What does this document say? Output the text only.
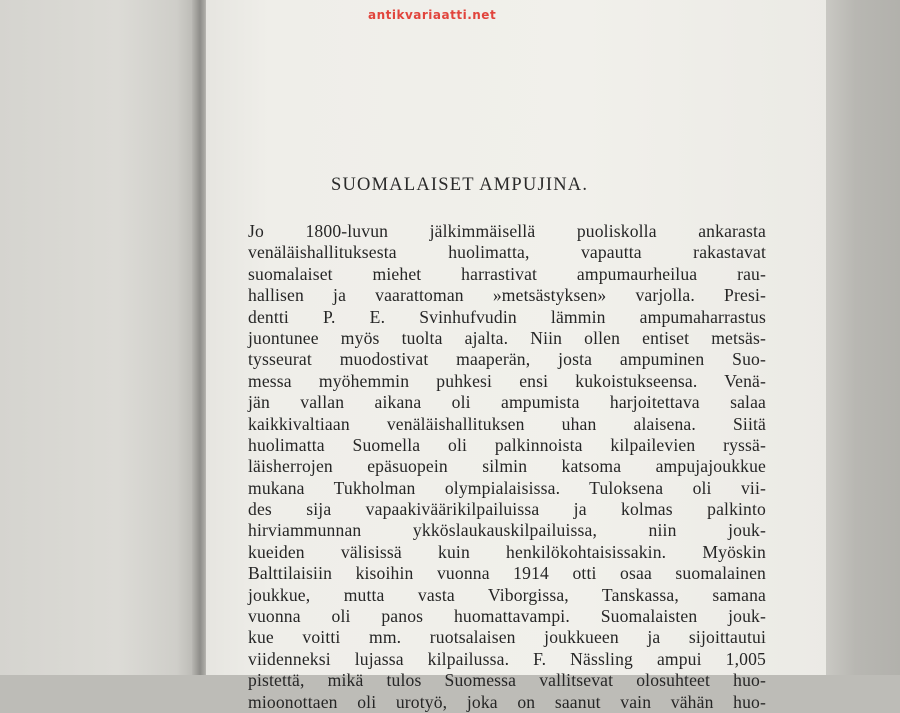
antikvariaatti.net
SUOMALAISET AMPUJINA.
Jo 1800-luvun jälkimmäisellä puoliskolla ankarasta
venäläishallituksesta huolimatta, vapautta rakastavat
suomalaiset miehet harrastivat ampumaurheilua rau-
hallisen ja vaarattoman »metsästyksen» varjolla. Presi-
dentti P. E. Svinhufvudin lämmin ampumaharrastus
juontunee myös tuolta ajalta. Niin ollen entiset metsäs-
tysseurat muodostivat maaperän, josta ampuminen Suo-
messa myöhemmin puhkesi ensi kukoistukseensa. Venä-
jän vallan aikana oli ampumista harjoitettava salaa
kaikkivaltiaan venäläishallituksen uhan alaisena. Siitä
huolimatta Suomella oli palkinnoista kilpailevien ryssä-
läisherrojen epäsuopein silmin katsoma ampujajoukkue
mukana Tukholman olympialaisissa. Tuloksena oli vii-
des sija vapaakiväärikilpailuissa ja kolmas palkinto
hirviammunnan ykköslaukauskilpailuissa, niin jouk-
kueiden välisissä kuin henkilökohtaisissakin. Myöskin
Balttilaisiin kisoihin vuonna 1914 otti osaa suomalainen
joukkue, mutta vasta Viborgissa, Tanskassa, samana
vuonna oli panos huomattavampi. Suomalaisten jouk-
kue voitti mm. ruotsalaisen joukkueen ja sijoittautui
viidenneksi lujassa kilpailussa. F. Nässling ampui 1,005
pistettä, mikä tulos Suomessa vallitsevat olosuhteet huo-
mioonottaen oli urotyö, joka on saanut vain vähän huo-
